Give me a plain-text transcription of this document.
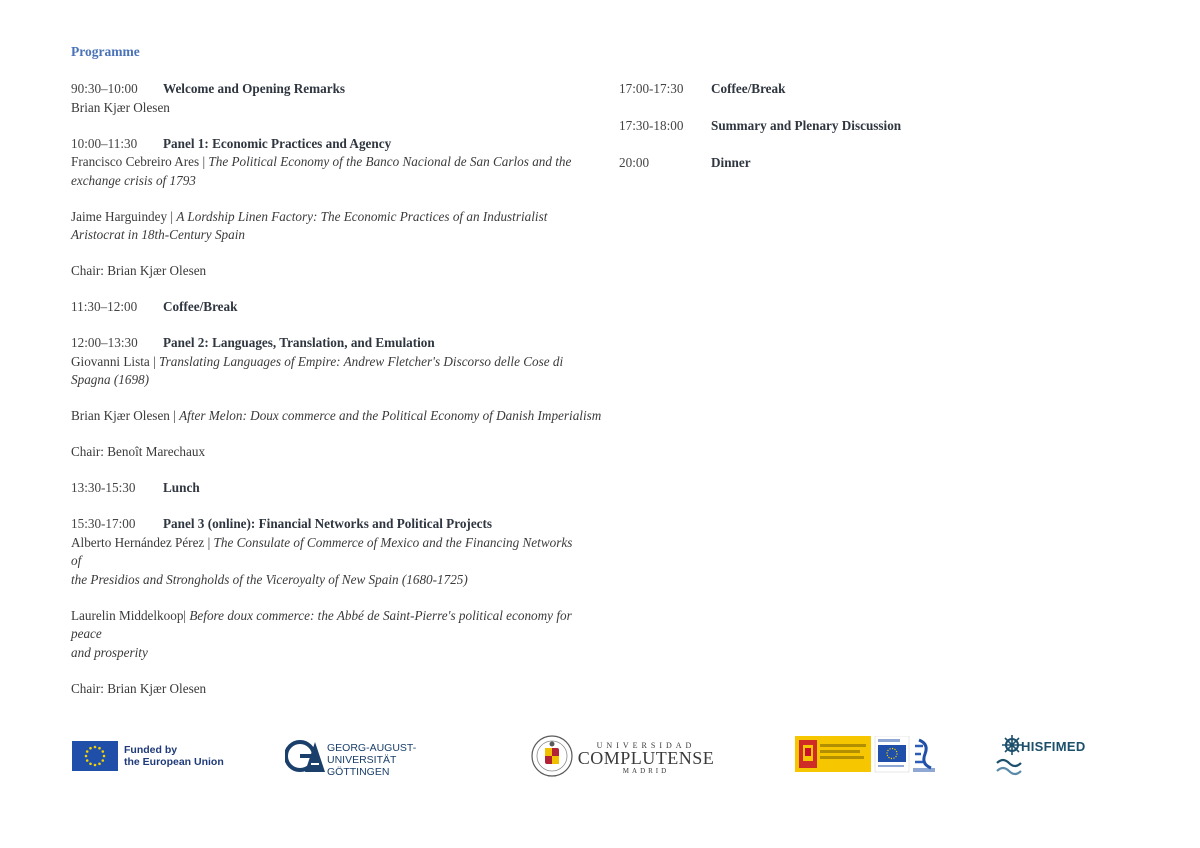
Programme
90:30–10:00	Welcome and Opening Remarks
Brian Kjær Olesen
10:00–11:30	Panel 1: Economic Practices and Agency
Francisco Cebreiro Ares | The Political Economy of the Banco Nacional de San Carlos and the
exchange crisis of 1793
Jaime Harguindey | A Lordship Linen Factory: The Economic Practices of an Industrialist
Aristocrat in 18th-Century Spain
Chair: Brian Kjær Olesen
11:30–12:00	Coffee/Break
12:00–13:30	Panel 2: Languages, Translation, and Emulation
Giovanni Lista | Translating Languages of Empire: Andrew Fletcher's Discorso delle Cose di
Spagna (1698)
Brian Kjær Olesen | After Melon: Doux commerce and the Political Economy of Danish Imperialism
Chair: Benoît Marechaux
13:30-15:30	Lunch
15:30-17:00	Panel 3 (online): Financial Networks and Political Projects
Alberto Hernández Pérez | The Consulate of Commerce of Mexico and the Financing Networks of
the Presidios and Strongholds of the Viceroyalty of New Spain (1680-1725)
Laurelin Middelkoop| Before doux commerce: the Abbé de Saint-Pierre's political economy for peace
and prosperity
Chair: Brian Kjær Olesen
17:00-17:30	Coffee/Break
17:30-18:00	Summary and Plenary Discussion
20:00	Dinner
Funded by
the European Union
GEORG-AUGUST-UNIVERSITÄT
GÖTTINGEN
UNIVERSIDAD
COMPLUTENSE
MADRID
HISFIMED
